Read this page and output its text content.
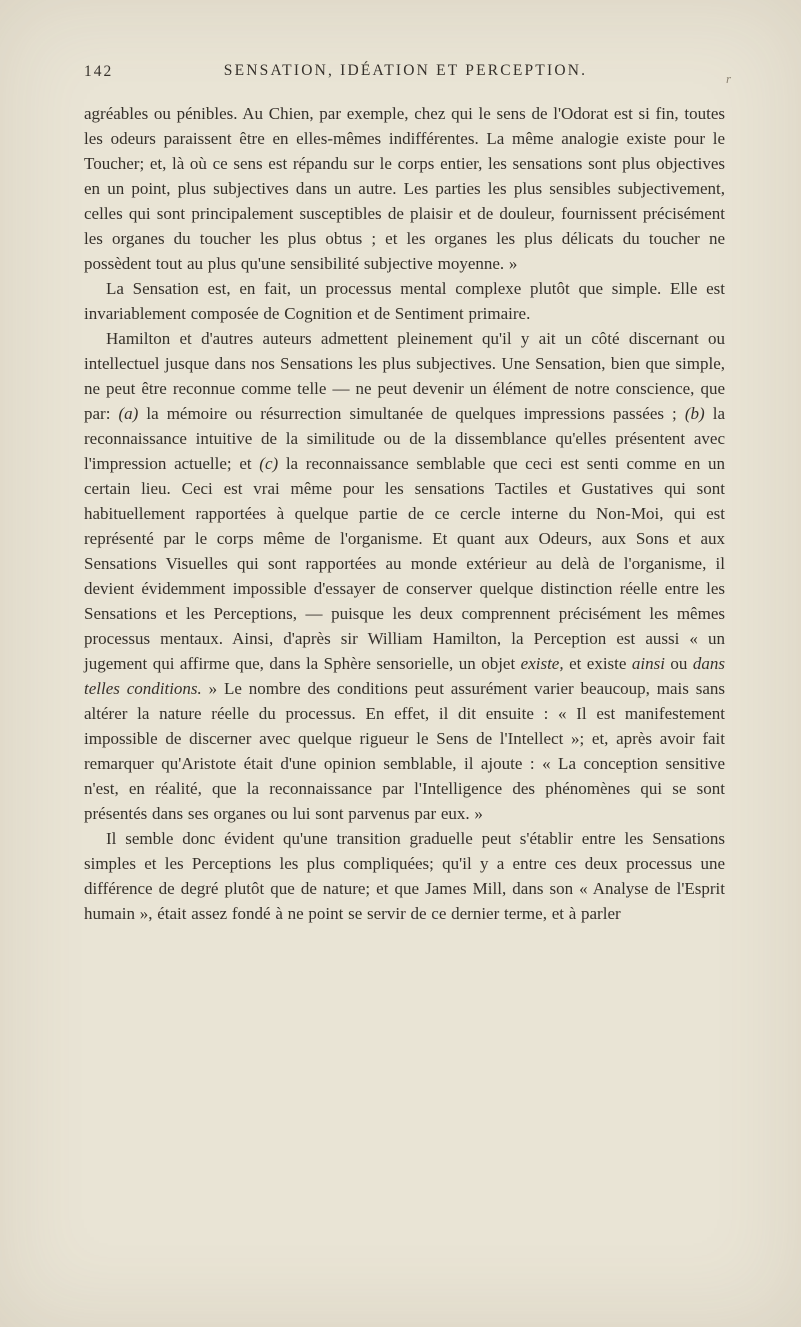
142	SENSATION, IDÉATION ET PERCEPTION.	r

agréables ou pénibles. Au Chien, par exemple, chez qui le sens de l'Odorat est si fin, toutes les odeurs paraissent être en elles-mêmes indifférentes. La même analogie existe pour le Toucher; et, là où ce sens est répandu sur le corps entier, les sensations sont plus objectives en un point, plus subjectives dans un autre. Les parties les plus sensibles subjectivement, celles qui sont principalement susceptibles de plaisir et de douleur, fournissent précisément les organes du toucher les plus obtus ; et les organes les plus délicats du toucher ne possèdent tout au plus qu'une sensibilité subjective moyenne. »

La Sensation est, en fait, un processus mental complexe plutôt que simple. Elle est invariablement composée de Cognition et de Sentiment primaire.

Hamilton et d'autres auteurs admettent pleinement qu'il y ait un côté discernant ou intellectuel jusque dans nos Sensations les plus subjectives. Une Sensation, bien que simple, ne peut être reconnue comme telle — ne peut devenir un élément de notre conscience, que par: (a) la mémoire ou résurrection simultanée de quelques impressions passées ; (b) la reconnaissance intuitive de la similitude ou de la dissemblance qu'elles présentent avec l'impression actuelle; et (c) la reconnaissance semblable que ceci est senti comme en un certain lieu. Ceci est vrai même pour les sensations Tactiles et Gustatives qui sont habituellement rapportées à quelque partie de ce cercle interne du Non-Moi, qui est représenté par le corps même de l'organisme. Et quant aux Odeurs, aux Sons et aux Sensations Visuelles qui sont rapportées au monde extérieur au delà de l'organisme, il devient évidemment impossible d'essayer de conserver quelque distinction réelle entre les Sensations et les Perceptions, — puisque les deux comprennent précisément les mêmes processus mentaux. Ainsi, d'après sir William Hamilton, la Perception est aussi « un jugement qui affirme que, dans la Sphère sensorielle, un objet existe, et existe ainsi ou dans telles conditions. » Le nombre des conditions peut assurément varier beaucoup, mais sans altérer la nature réelle du processus. En effet, il dit ensuite : « Il est manifestement impossible de discerner avec quelque rigueur le Sens de l'Intellect »; et, après avoir fait remarquer qu'Aristote était d'une opinion semblable, il ajoute : « La conception sensitive n'est, en réalité, que la reconnaissance par l'Intelligence des phénomènes qui se sont présentés dans ses organes ou lui sont parvenus par eux. »

Il semble donc évident qu'une transition graduelle peut s'établir entre les Sensations simples et les Perceptions les plus compliquées; qu'il y a entre ces deux processus une différence de degré plutôt que de nature; et que James Mill, dans son « Analyse de l'Esprit humain », était assez fondé à ne point se servir de ce dernier terme, et à parler
